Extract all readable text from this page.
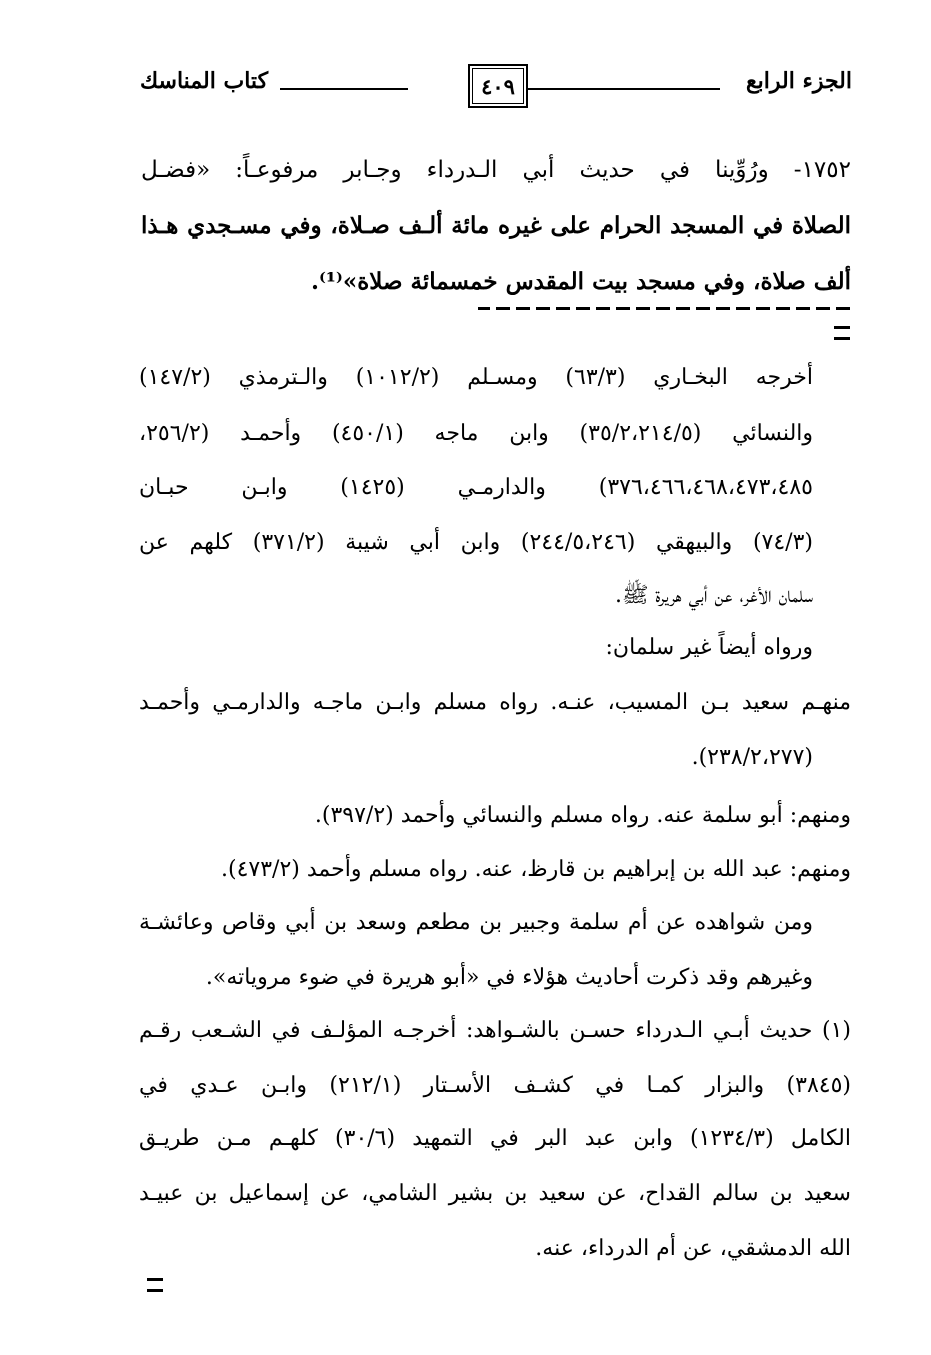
الجزء الرابع
٤٠٩
كتاب المناسك
١٧٥٢- ورُوِّينا في حديث أبي الـدرداء وجـابر مرفوعـاً: «فضـل
الصلاة في المسجد الحرام على غيره مائة ألـف صـلاة، وفي مسـجدي هـذا
ألف صلاة، وفي مسجد بيت المقدس خمسمائة صلاة»⁽¹⁾.
أخرجه البخـاري (٦٣/٣) ومسـلم (١٠١٢/٢) والـترمذي (١٤٧/٢)
والنسائي (٣٥/٢،٢١٤/٥) وابن ماجه (٤٥٠/١) وأحمـد (٢٥٦/٢،
٣٧٦،٤٦٦،٤٦٨،٤٧٣،٤٨٥) والدارمـي (١٤٢٥) وابـن حبـان
(٧٤/٣) والبيهقي (٢٤٤/٥،٢٤٦) وابن أبي شيبة (٣٧١/٢) كلهم عن
سلمان الأغر، عن أبي هريرة ﷺ.
ورواه أيضاً غير سلمان:
منهـم سعيد بـن المسيب، عنـه. رواه مسلم وابـن ماجـه والدارمـي وأحمـد
(٢٣٨/٢،٢٧٧).
ومنهم: أبو سلمة عنه. رواه مسلم والنسائي وأحمد (٣٩٧/٢).
ومنهم: عبد الله بن إبراهيم بن قارظ، عنه. رواه مسلم وأحمد (٤٧٣/٢).
ومن شواهده عن أم سلمة وجبير بن مطعم وسعد بن أبي وقاص وعائشـة
وغيرهم وقد ذكرت أحاديث هؤلاء في «أبو هريرة في ضوء مروياته».
(١) حديث أبـي الـدرداء حسـن بالشـواهد: أخرجـه المؤلـف في الشـعب رقـم
(٣٨٤٥) والبزار كمـا في كشـف الأسـتار (٢١٢/١) وابـن عـدي في
الكامل (١٢٣٤/٣) وابن عبد البر في التمهيد (٣٠/٦) كلهـم مـن طريـق
سعيد بن سالم القداح، عن سعيد بن بشير الشامي، عن إسماعيل بن عبيـد
الله الدمشقي، عن أم الدرداء، عنه.
